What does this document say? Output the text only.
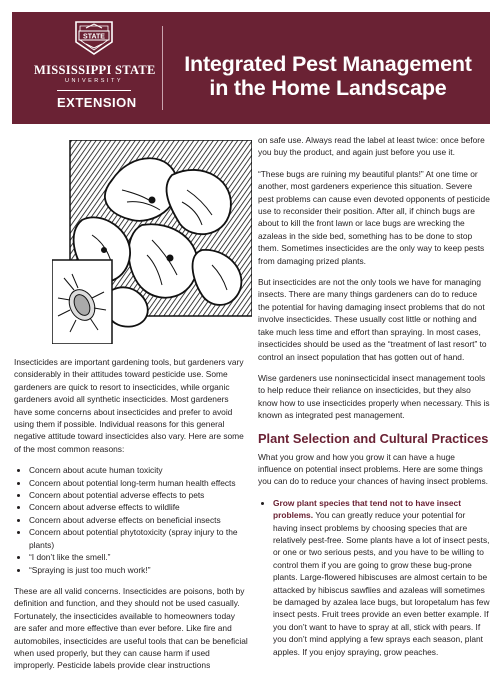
STATE
MISSISSIPPI STATE
UNIVERSITY
EXTENSION
Integrated Pest Management
in the Home Landscape

Insecticides are important gardening tools, but gardeners vary considerably in their attitudes toward pesticide use. Some gardeners are quick to resort to insecticides, while organic gardeners avoid all synthetic insecticides. Most gardeners have some concerns about insecticides and prefer to avoid using them if possible. Individual reasons for this general negative attitude toward insecticides also vary. Here are some of the most common reasons:

• Concern about acute human toxicity
• Concern about potential long-term human health effects
• Concern about potential adverse effects to pets
• Concern about adverse effects to wildlife
• Concern about adverse effects on beneficial insects
• Concern about potential phytotoxicity (spray injury to the plants)
• “I don’t like the smell.”
• “Spraying is just too much work!”

These are all valid concerns. Insecticides are poisons, both by definition and function, and they should not be used casually. Fortunately, the insecticides available to homeowners today are safer and more effective than ever before. Like fire and automobiles, insecticides are useful tools that can be beneficial when used properly, but they can cause harm if used improperly. Pesticide labels provide clear instructions

on safe use. Always read the label at least twice: once before you buy the product, and again just before you use it.

“These bugs are ruining my beautiful plants!” At one time or another, most gardeners experience this situation. Severe pest problems can cause even devoted opponents of pesticide use to reconsider their position. After all, if chinch bugs are about to kill the front lawn or lace bugs are wrecking the azaleas in the side bed, something has to be done to stop them. Sometimes insecticides are the only way to keep pests from damaging prized plants.

But insecticides are not the only tools we have for managing insects. There are many things gardeners can do to reduce the potential for having damaging insect problems that do not involve insecticides. These usually cost little or nothing and take much less time and effort than spraying. In most cases, insecticides should be used as the “treatment of last resort” to control an insect population that has gotten out of hand.

Wise gardeners use noninsecticidal insect management tools to help reduce their reliance on insecticides, but they also know how to use insecticides properly when necessary. This is known as integrated pest management.

Plant Selection and Cultural Practices

What you grow and how you grow it can have a huge influence on potential insect problems. Here are some things you can do to reduce your chances of having insect problems.

• Grow plant species that tend not to have insect problems. You can greatly reduce your potential for having insect problems by choosing species that are relatively pest-free. Some plants have a lot of insect pests, or one or two serious pests, and you have to be willing to control them if you are going to grow these bug-prone plants. Large-flowered hibiscuses are almost certain to be attacked by hibiscus sawflies and azaleas will sometimes be damaged by azalea lace bugs, but loropetalum has few insect pests. Fruit trees provide an even better example. If you don’t want to have to spray at all, stick with pears. If you don’t mind applying a few sprays each season, plant apples. If you enjoy spraying, grow peaches.
